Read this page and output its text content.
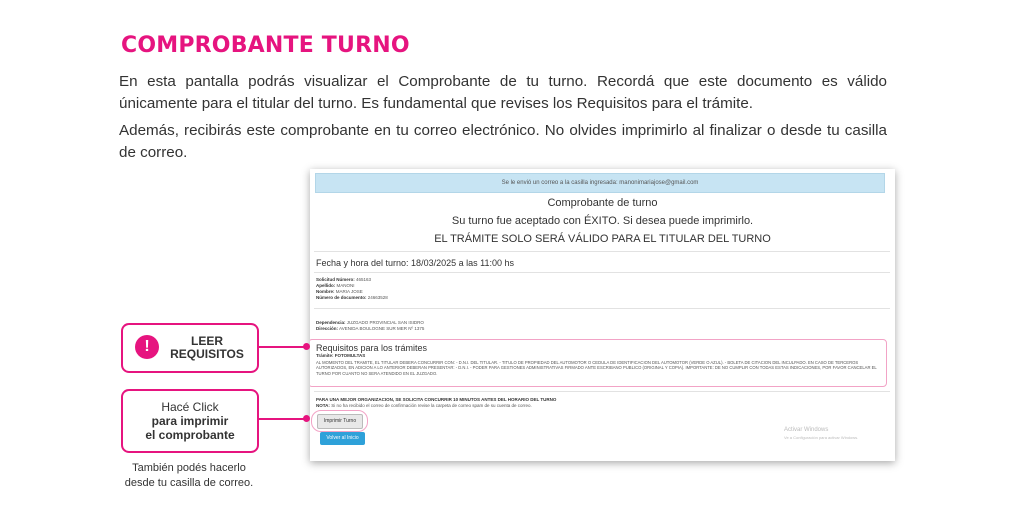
COMPROBANTE TURNO
En esta pantalla podrás visualizar el Comprobante de tu turno. Recordá que este documento es válido únicamente para el titular del turno. Es fundamental que revises los Requisitos para el trámite.
Además, recibirás este comprobante en tu correo electrónico. No olvides imprimirlo al finalizar o desde tu casilla de correo.
Se le envió un correo a la casilla ingresada: manonimariajose@gmail.com
Comprobante de turno
Su turno fue aceptado con ÉXITO. Si desea puede imprimirlo.
EL TRÁMITE SOLO SERÁ VÁLIDO PARA EL TITULAR DEL TURNO
Fecha y hora del turno: 18/03/2025 a las 11:00 hs
Solicitud Número: 465163
Apellido: MANONI
Nombre: MARIA JOSE
Número de documento: 24663528
Dependencia: JUZGADO PROVINCIAL SAN ISIDRO
Dirección: AVENIDA BOULOGNE SUR MER Nº 1375
Requisitos para los trámites
Trámite: FOTOMULTAS
AL MOMENTO DEL TRAMITE, EL TITULAR DEBERA CONCURRIR CON: - D.N.I. DEL TITULAR. - TITULO DE PROPIEDAD DEL AUTOMOTOR O CEDULA DE IDENTIFICACION DEL AUTOMOTOR (VERDE O AZUL). - BOLETA DE CITACION DEL INCULPADO. EN CASO DE TERCEROS AUTORIZADOS, EN ADICION A LO ANTERIOR DEBERAN PRESENTAR: - D.N.I. - PODER PARA GESTIONES ADMINISTRATIVAS FIRMADO ANTE ESCRIBANO PUBLICO (ORIGINAL Y COPIA). IMPORTANTE: DE NO CUMPLIR CON TODAS ESTAS INDICACIONES, POR FAVOR CANCELAR EL TURNO POR CUANTO NO SERA ATENDIDO EN EL JUZGADO.
PARA UNA MEJOR ORGANIZACION, SE SOLICITA CONCURRIR 10 MINUTOS ANTES DEL HORARIO DEL TURNO
NOTA: Si no ha recibido el correo de confirmación revise la carpeta de correo spam de su cuenta de correo.
Imprimir Turno
Volver al Inicio
Activar Windows
Ve a Configuración para activar Windows.
!	LEER
REQUISITOS
Hacé Click
para imprimir
el comprobante
También podés hacerlo
desde tu casilla de correo.
